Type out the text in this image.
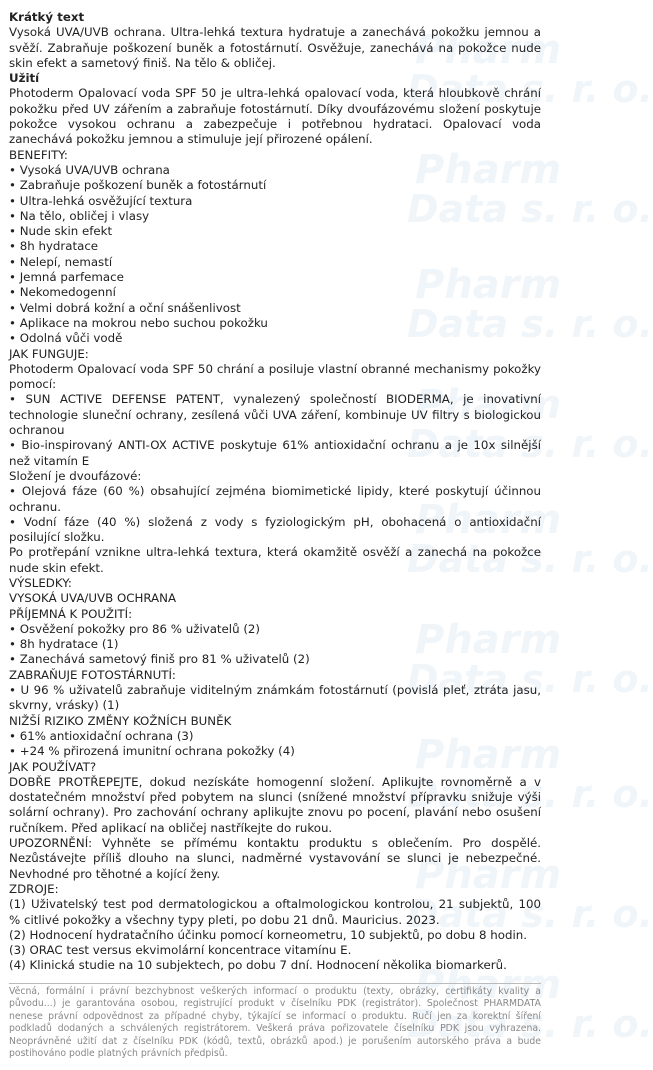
Pharm
Data s. r. o.
Pharm
Data s. r. o.
Pharm
Data s. r. o.
Pharm
Data s. r. o.
Pharm
Data s. r. o.
Pharm
Data s. r. o.
Pharm
Data s. r. o.
Pharm
Data s. r. o.
Pharm
Data s. r. o.

Krátký text

Vysoká UVA/UVB ochrana. Ultra-lehká textura hydratuje a zanechává pokožku jemnou a svěží. Zabraňuje poškození buněk a fotostárnutí. Osvěžuje, zanechává na pokožce nude skin efekt a sametový finiš. Na tělo & obličej.

Užití

Photoderm Opalovací voda SPF 50 je ultra-lehká opalovací voda, která hloubkově chrání pokožku před UV zářením a zabraňuje fotostárnutí. Díky dvoufázovému složení poskytuje pokožce vysokou ochranu a zabezpečuje i potřebnou hydrataci. Opalovací voda zanechává pokožku jemnou a stimuluje její přirozené opálení.

BENEFITY:

• Vysoká UVA/UVB ochrana

• Zabraňuje poškození buněk a fotostárnutí

• Ultra-lehká osvěžující textura

• Na tělo, obličej i vlasy

• Nude skin efekt

• 8h hydratace

• Nelepí, nemastí

• Jemná parfemace

• Nekomedogenní

• Velmi dobrá kožní a oční snášenlivost

• Aplikace na mokrou nebo suchou pokožku

• Odolná vůči vodě

JAK FUNGUJE:

Photoderm Opalovací voda SPF 50 chrání a posiluje vlastní obranné mechanismy pokožky pomocí:

• SUN ACTIVE DEFENSE PATENT, vynalezený společností BIODERMA, je inovativní technologie sluneční ochrany, zesílená vůči UVA záření, kombinuje UV filtry s biologickou ochranou

• Bio-inspirovaný ANTI-OX ACTIVE poskytuje 61% antioxidační ochranu a je 10x silnější než vitamín E

Složení je dvoufázové:

• Olejová fáze (60 %) obsahující zejména biomimetické lipidy, které poskytují účinnou ochranu.

• Vodní fáze (40 %) složená z vody s fyziologickým pH, obohacená o antioxidační posilující složku.

Po protřepání vznikne ultra-lehká textura, která okamžitě osvěží a zanechá na pokožce nude skin efekt.

VÝSLEDKY:

VYSOKÁ UVA/UVB OCHRANA

PŘÍJEMNÁ K POUŽITÍ:

• Osvěžení pokožky pro 86 % uživatelů (2)

• 8h hydratace (1)

• Zanechává sametový finiš pro 81 % uživatelů (2)

ZABRAŇUJE FOTOSTÁRNUTÍ:

• U 96 % uživatelů zabraňuje viditelným známkám fotostárnutí (povislá pleť, ztráta jasu, skvrny, vrásky) (1)

NIŽŠÍ RIZIKO ZMĚNY KOŽNÍCH BUNĚK

• 61% antioxidační ochrana (3)

• +24 % přirozená imunitní ochrana pokožky (4)

JAK POUŽÍVAT?

DOBŘE PROTŘEPEJTE, dokud nezískáte homogenní složení. Aplikujte rovnoměrně a v dostatečném množství před pobytem na slunci (snížené množství přípravku snižuje výši solární ochrany). Pro zachování ochrany aplikujte znovu po pocení, plavání nebo osušení ručníkem. Před aplikací na obličej nastříkejte do rukou.

UPOZORNĚNÍ: Vyhněte se přímému kontaktu produktu s oblečením. Pro dospělé. Nezůstávejte příliš dlouho na slunci, nadměrné vystavování se slunci je nebezpečné. Nevhodné pro těhotné a kojící ženy.

ZDROJE:

(1) Uživatelský test pod dermatologickou a oftalmologickou kontrolou, 21 subjektů, 100 % citlivé pokožky a všechny typy pleti, po dobu 21 dnů. Mauricius. 2023.

(2) Hodnocení hydratačního účinku pomocí korneometru, 10 subjektů, po dobu 8 hodin.

(3) ORAC test versus ekvimolární koncentrace vitamínu E.

(4) Klinická studie na 10 subjektech, po dobu 7 dní. Hodnocení několika biomarkerů.

Věcná, formální i právní bezchybnost veškerých informací o produktu (texty, obrázky, certifikáty kvality a původu...) je garantována osobou, registrující produkt v číselníku PDK (registrátor). Společnost PHARMDATA nenese právní odpovědnost za případné chyby, týkající se informací o produktu. Ručí jen za korektní šíření podkladů dodaných a schválených registrátorem. Veškerá práva pořizovatele číselníku PDK jsou vyhrazena. Neoprávněné užití dat z číselníku PDK (kódů, textů, obrázků apod.) je porušením autorského práva a bude postihováno podle platných právních předpisů.
